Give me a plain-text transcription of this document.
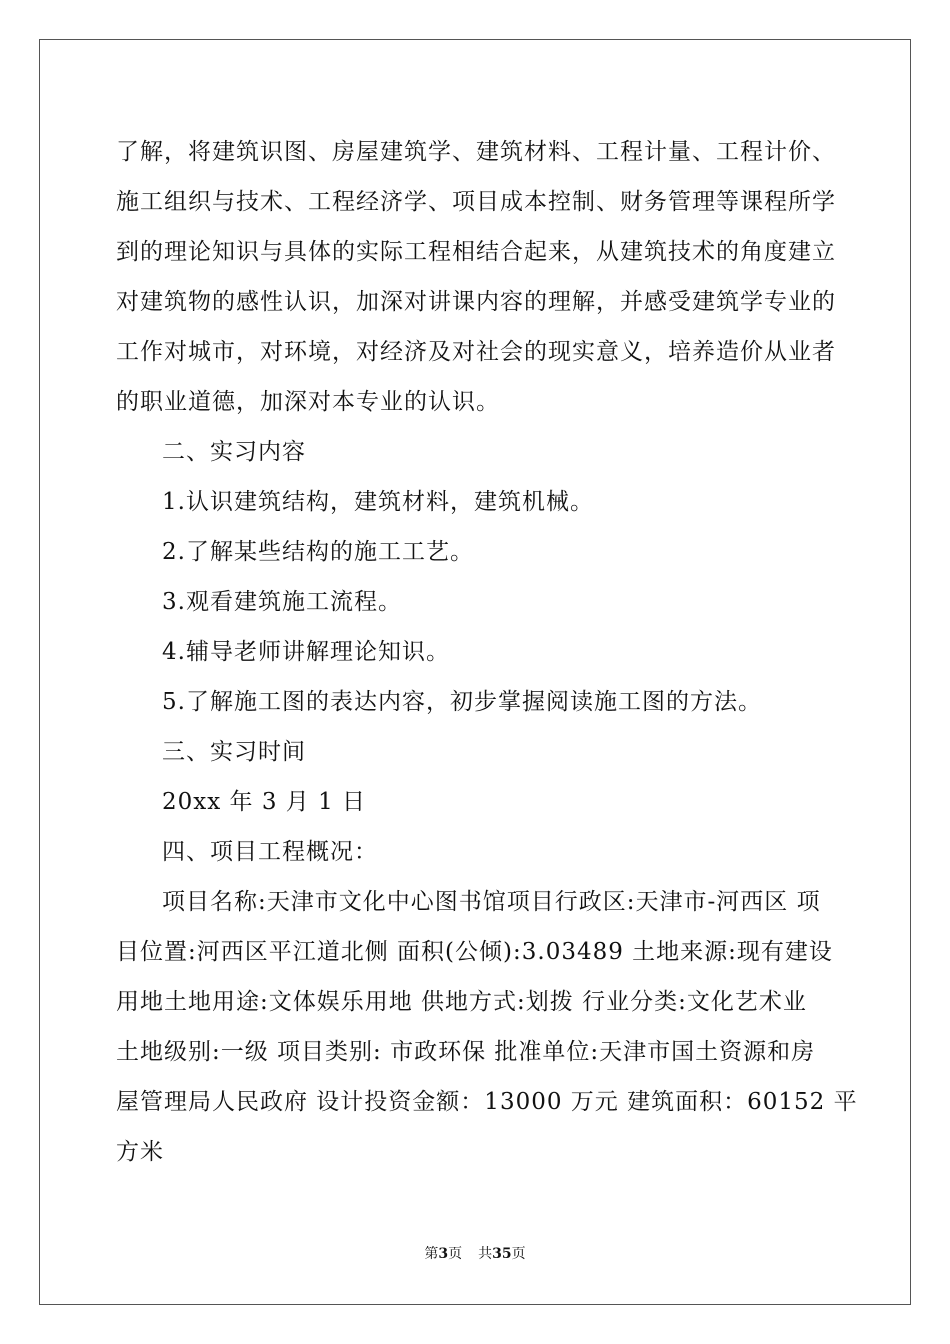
了解，将建筑识图、房屋建筑学、建筑材料、工程计量、工程计价、
施工组织与技术、工程经济学、项目成本控制、财务管理等课程所学
到的理论知识与具体的实际工程相结合起来，从建筑技术的角度建立
对建筑物的感性认识，加深对讲课内容的理解，并感受建筑学专业的
工作对城市，对环境，对经济及对社会的现实意义，培养造价从业者
的职业道德，加深对本专业的认识。
二、实习内容
1.认识建筑结构，建筑材料，建筑机械。
2.了解某些结构的施工工艺。
3.观看建筑施工流程。
4.辅导老师讲解理论知识。
5.了解施工图的表达内容，初步掌握阅读施工图的方法。
三、实习时间
20xx 年 3 月 1 日
四、项目工程概况：
项目名称:天津市文化中心图书馆项目行政区:天津市-河西区 项
目位置:河西区平江道北侧 面积(公倾):3.03489 土地来源:现有建设
用地土地用途:文体娱乐用地 供地方式:划拨 行业分类:文化艺术业
土地级别:一级 项目类别: 市政环保 批准单位:天津市国土资源和房
屋管理局人民政府 设计投资金额：13000 万元 建筑面积：60152 平
方米
第3页 共35页
